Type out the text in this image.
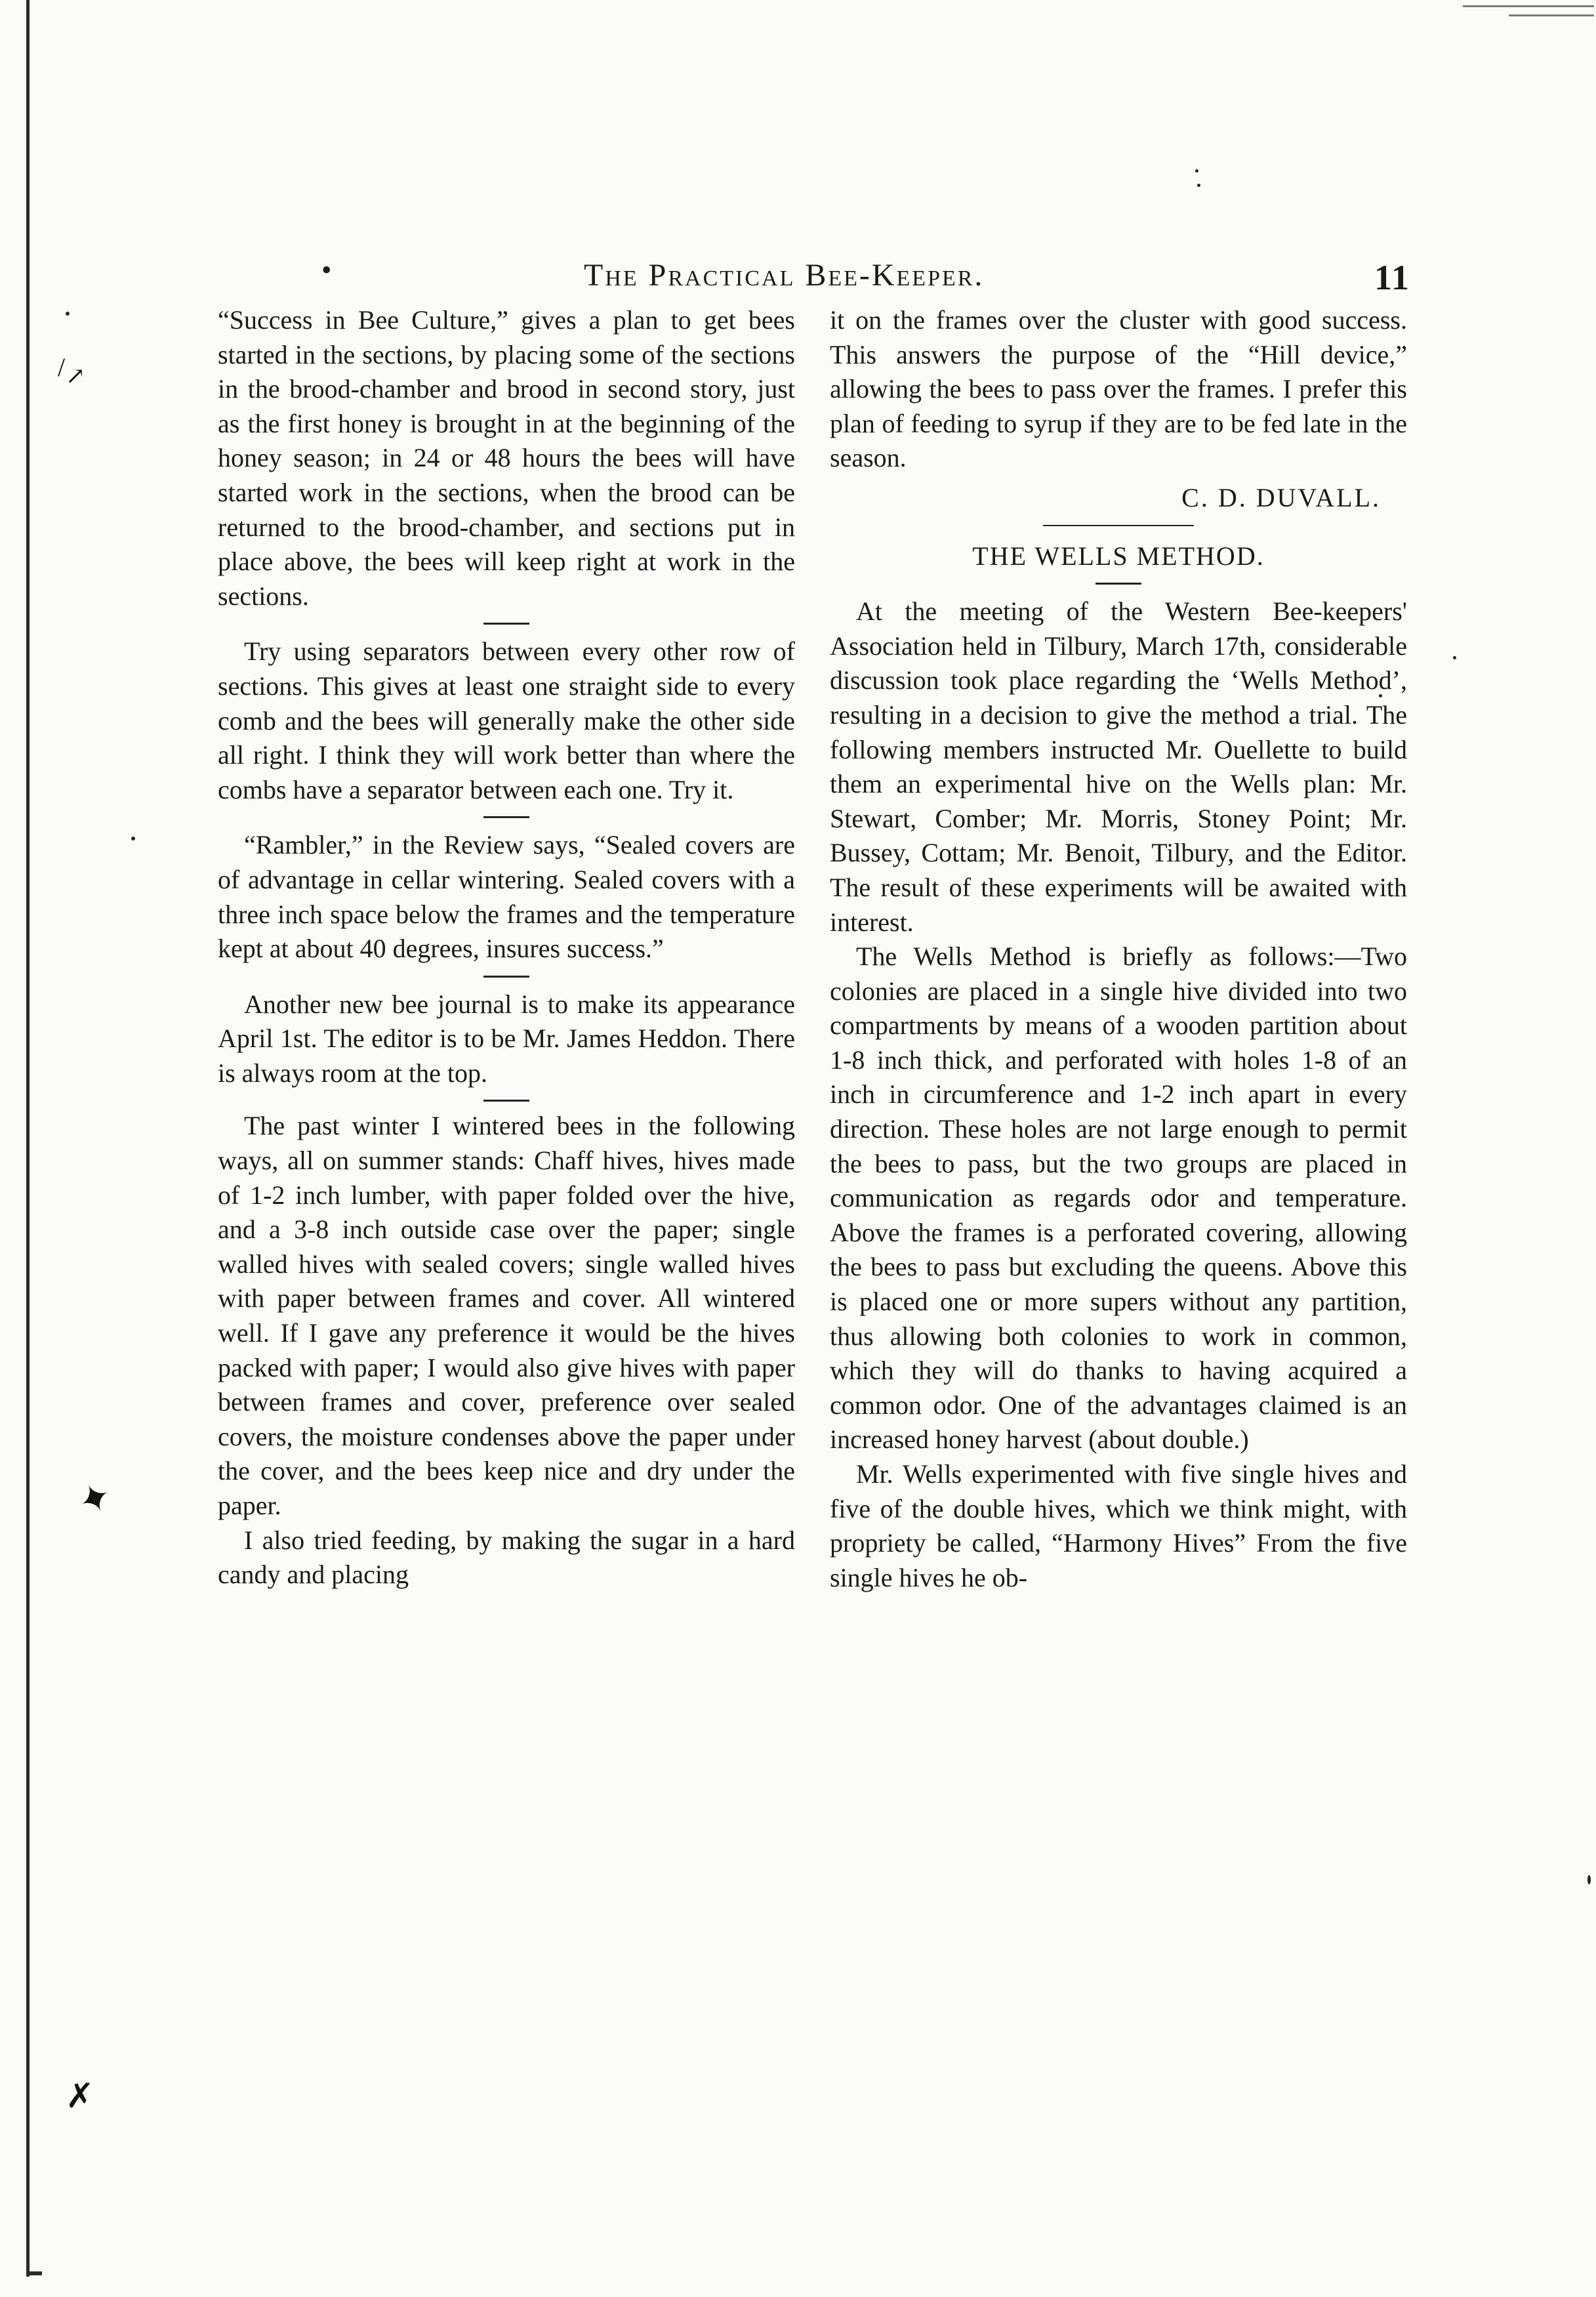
✦
✗
/ ↗
•	The Practical Bee-Keeper.	11

“Success in Bee Culture,” gives a plan to get bees started in the sections, by placing some of the sections in the brood-chamber and brood in second story, just as the first honey is brought in at the beginning of the honey season; in 24 or 48 hours the bees will have started work in the sections, when the brood can be returned to the brood-chamber, and sections put in place above, the bees will keep right at work in the sections.

Try using separators between every other row of sections. This gives at least one straight side to every comb and the bees will generally make the other side all right. I think they will work better than where the combs have a separator between each one. Try it.

“Rambler,” in the Review says, “Sealed covers are of advantage in cellar wintering. Sealed covers with a three inch space below the frames and the temperature kept at about 40 degrees, insures success.”

Another new bee journal is to make its appearance April 1st. The editor is to be Mr. James Heddon. There is always room at the top.

The past winter I wintered bees in the following ways, all on summer stands: Chaff hives, hives made of 1-2 inch lumber, with paper folded over the hive, and a 3-8 inch outside case over the paper; single walled hives with sealed covers; single walled hives with paper between frames and cover. All wintered well. If I gave any preference it would be the hives packed with paper; I would also give hives with paper between frames and cover, preference over sealed covers, the moisture condenses above the paper under the cover, and the bees keep nice and dry under the paper.

I also tried feeding, by making the sugar in a hard candy and placing

it on the frames over the cluster with good success. This answers the purpose of the “Hill device,” allowing the bees to pass over the frames. I prefer this plan of feeding to syrup if they are to be fed late in the season.

C. D. DUVALL.
THE WELLS METHOD.

At the meeting of the Western Bee-keepers' Association held in Tilbury, March 17th, considerable discussion took place regarding the ‘Wells Method’, resulting in a decision to give the method a trial. The following members instructed Mr. Ouellette to build them an experimental hive on the Wells plan: Mr. Stewart, Comber; Mr. Morris, Stoney Point; Mr. Bussey, Cottam; Mr. Benoit, Tilbury, and the Editor. The result of these experiments will be awaited with interest.

The Wells Method is briefly as follows:—Two colonies are placed in a single hive divided into two compartments by means of a wooden partition about 1-8 inch thick, and perforated with holes 1-8 of an inch in circumference and 1-2 inch apart in every direction. These holes are not large enough to permit the bees to pass, but the two groups are placed in communication as regards odor and temperature. Above the frames is a perforated covering, allowing the bees to pass but excluding the queens. Above this is placed one or more supers without any partition, thus allowing both colonies to work in common, which they will do thanks to having acquired a common odor. One of the advantages claimed is an increased honey harvest (about double.)

Mr. Wells experimented with five single hives and five of the double hives, which we think might, with propriety be called, “Harmony Hives” From the five single hives he ob-
